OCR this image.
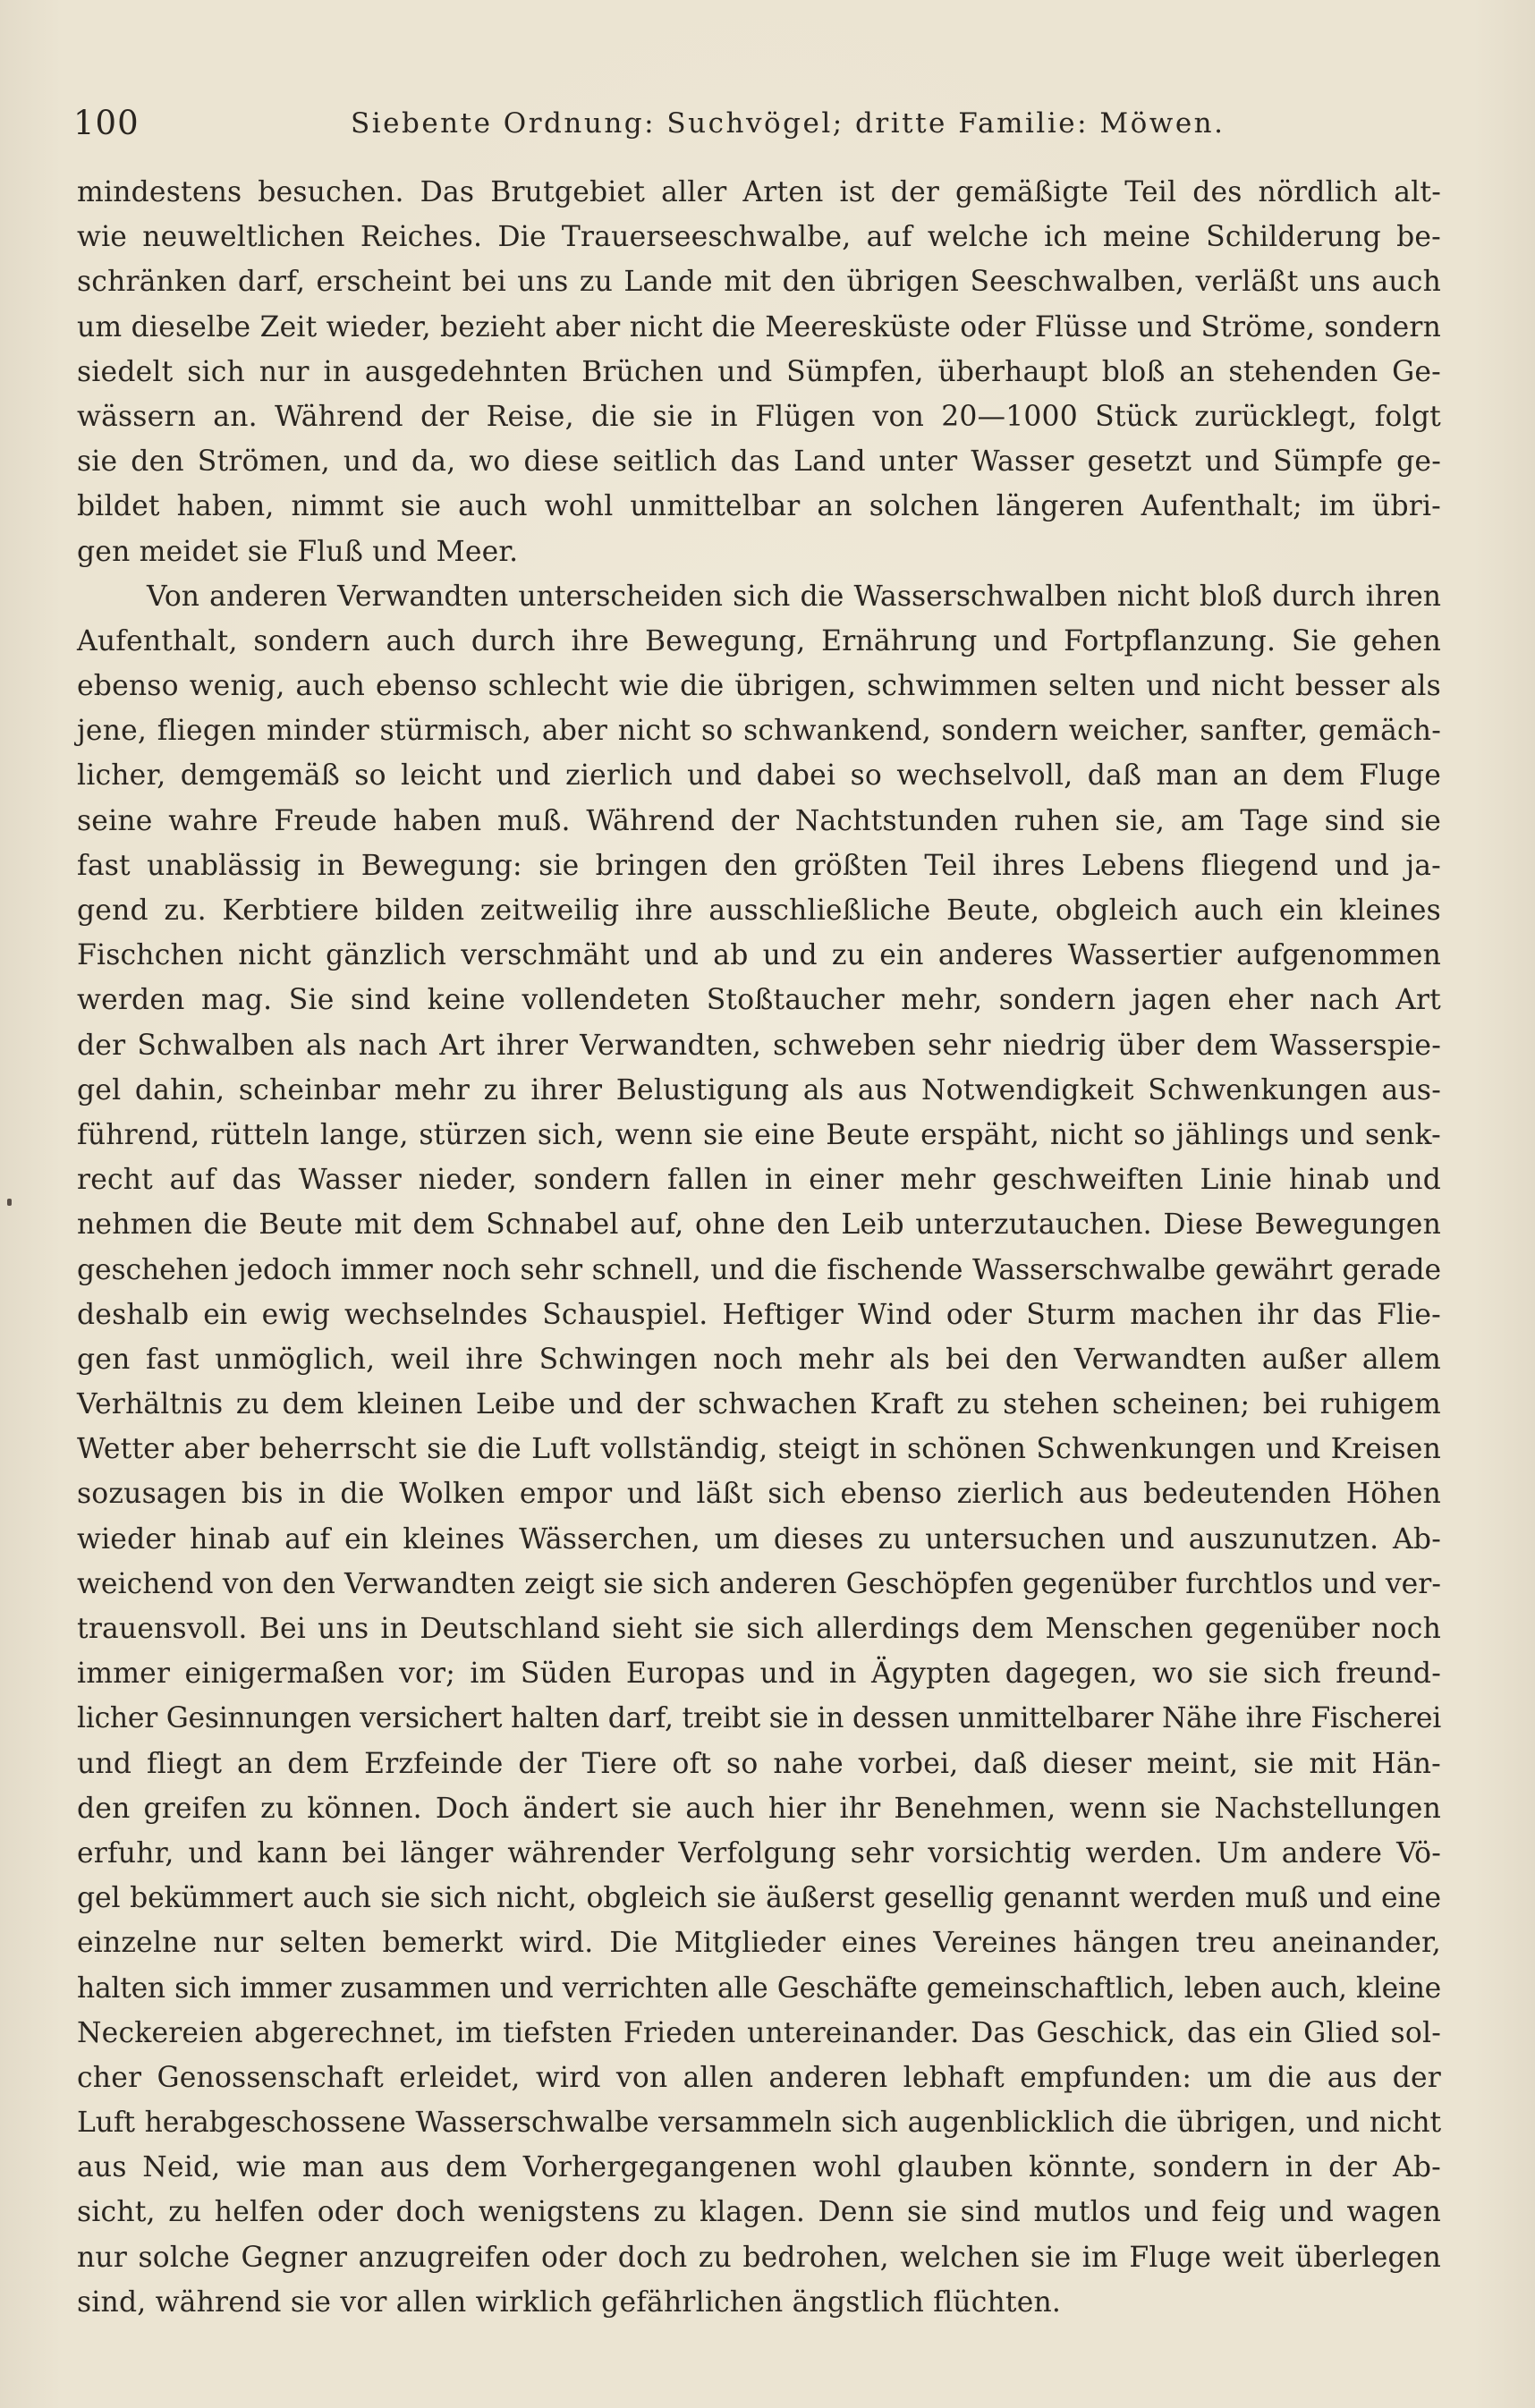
100	Siebente Ordnung: Suchvögel; dritte Familie: Möwen.
mindestens besuchen. Das Brutgebiet aller Arten ist der gemäßigte Teil des nördlich alt-
wie neuweltlichen Reiches. Die Trauerseeschwalbe, auf welche ich meine Schilderung be-
schränken darf, erscheint bei uns zu Lande mit den übrigen Seeschwalben, verläßt uns auch
um dieselbe Zeit wieder, bezieht aber nicht die Meeresküste oder Flüsse und Ströme, sondern
siedelt sich nur in ausgedehnten Brüchen und Sümpfen, überhaupt bloß an stehenden Ge-
wässern an. Während der Reise, die sie in Flügen von 20—1000 Stück zurücklegt, folgt
sie den Strömen, und da, wo diese seitlich das Land unter Wasser gesetzt und Sümpfe ge-
bildet haben, nimmt sie auch wohl unmittelbar an solchen längeren Aufenthalt; im übri-
gen meidet sie Fluß und Meer.
Von anderen Verwandten unterscheiden sich die Wasserschwalben nicht bloß durch ihren
Aufenthalt, sondern auch durch ihre Bewegung, Ernährung und Fortpflanzung. Sie gehen
ebenso wenig, auch ebenso schlecht wie die übrigen, schwimmen selten und nicht besser als
jene, fliegen minder stürmisch, aber nicht so schwankend, sondern weicher, sanfter, gemäch-
licher, demgemäß so leicht und zierlich und dabei so wechselvoll, daß man an dem Fluge
seine wahre Freude haben muß. Während der Nachtstunden ruhen sie, am Tage sind sie
fast unablässig in Bewegung: sie bringen den größten Teil ihres Lebens fliegend und ja-
gend zu. Kerbtiere bilden zeitweilig ihre ausschließliche Beute, obgleich auch ein kleines
Fischchen nicht gänzlich verschmäht und ab und zu ein anderes Wassertier aufgenommen
werden mag. Sie sind keine vollendeten Stoßtaucher mehr, sondern jagen eher nach Art
der Schwalben als nach Art ihrer Verwandten, schweben sehr niedrig über dem Wasserspie-
gel dahin, scheinbar mehr zu ihrer Belustigung als aus Notwendigkeit Schwenkungen aus-
führend, rütteln lange, stürzen sich, wenn sie eine Beute erspäht, nicht so jählings und senk-
recht auf das Wasser nieder, sondern fallen in einer mehr geschweiften Linie hinab und
nehmen die Beute mit dem Schnabel auf, ohne den Leib unterzutauchen. Diese Bewegungen
geschehen jedoch immer noch sehr schnell, und die fischende Wasserschwalbe gewährt gerade
deshalb ein ewig wechselndes Schauspiel. Heftiger Wind oder Sturm machen ihr das Flie-
gen fast unmöglich, weil ihre Schwingen noch mehr als bei den Verwandten außer allem
Verhältnis zu dem kleinen Leibe und der schwachen Kraft zu stehen scheinen; bei ruhigem
Wetter aber beherrscht sie die Luft vollständig, steigt in schönen Schwenkungen und Kreisen
sozusagen bis in die Wolken empor und läßt sich ebenso zierlich aus bedeutenden Höhen
wieder hinab auf ein kleines Wässerchen, um dieses zu untersuchen und auszunutzen. Ab-
weichend von den Verwandten zeigt sie sich anderen Geschöpfen gegenüber furchtlos und ver-
trauensvoll. Bei uns in Deutschland sieht sie sich allerdings dem Menschen gegenüber noch
immer einigermaßen vor; im Süden Europas und in Ägypten dagegen, wo sie sich freund-
licher Gesinnungen versichert halten darf, treibt sie in dessen unmittelbarer Nähe ihre Fischerei
und fliegt an dem Erzfeinde der Tiere oft so nahe vorbei, daß dieser meint, sie mit Hän-
den greifen zu können. Doch ändert sie auch hier ihr Benehmen, wenn sie Nachstellungen
erfuhr, und kann bei länger währender Verfolgung sehr vorsichtig werden. Um andere Vö-
gel bekümmert auch sie sich nicht, obgleich sie äußerst gesellig genannt werden muß und eine
einzelne nur selten bemerkt wird. Die Mitglieder eines Vereines hängen treu aneinander,
halten sich immer zusammen und verrichten alle Geschäfte gemeinschaftlich, leben auch, kleine
Neckereien abgerechnet, im tiefsten Frieden untereinander. Das Geschick, das ein Glied sol-
cher Genossenschaft erleidet, wird von allen anderen lebhaft empfunden: um die aus der
Luft herabgeschossene Wasserschwalbe versammeln sich augenblicklich die übrigen, und nicht
aus Neid, wie man aus dem Vorhergegangenen wohl glauben könnte, sondern in der Ab-
sicht, zu helfen oder doch wenigstens zu klagen. Denn sie sind mutlos und feig und wagen
nur solche Gegner anzugreifen oder doch zu bedrohen, welchen sie im Fluge weit überlegen
sind, während sie vor allen wirklich gefährlichen ängstlich flüchten.
